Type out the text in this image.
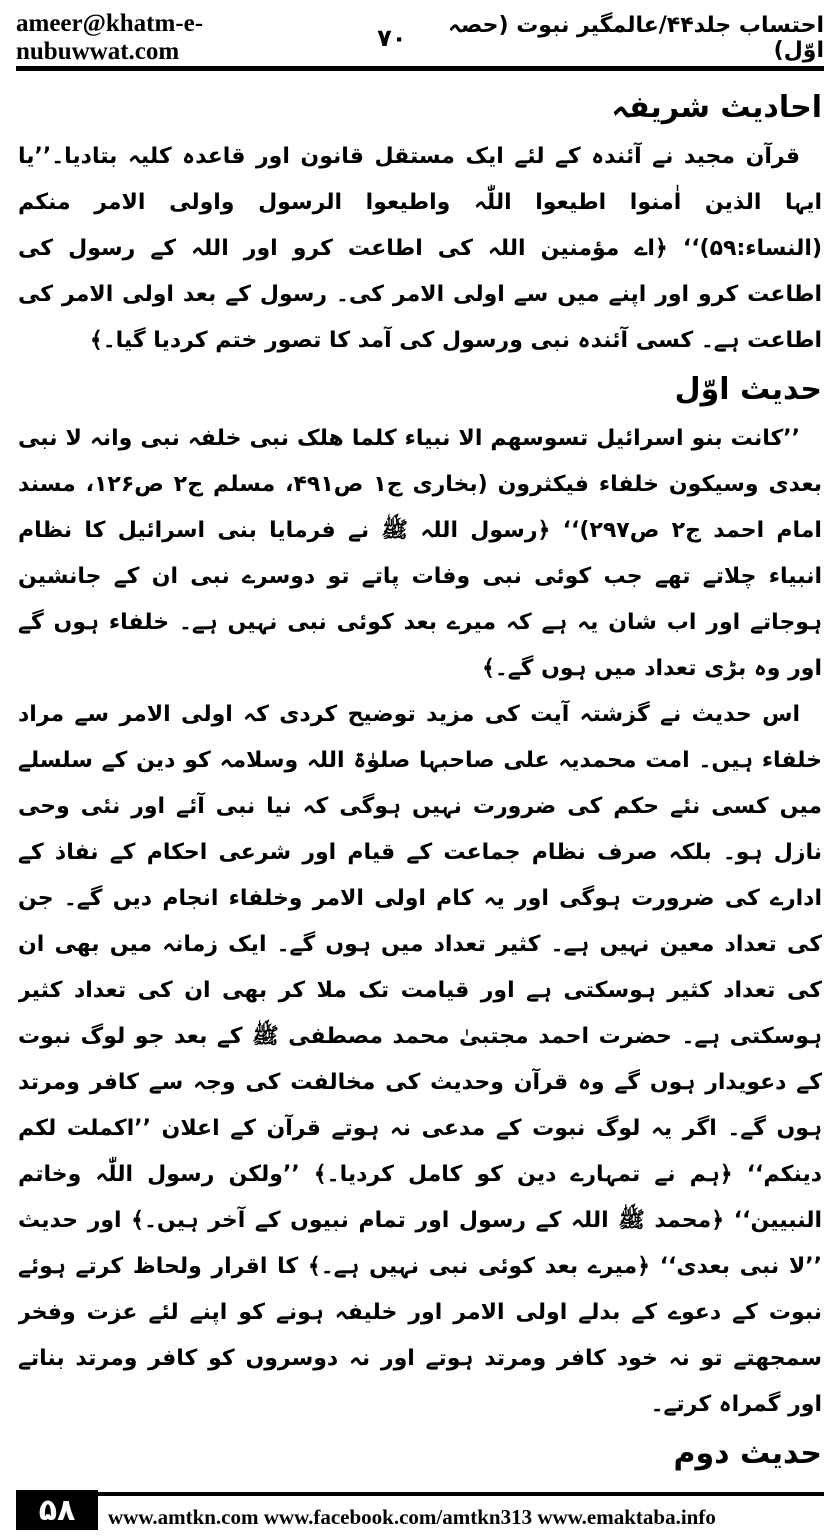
ameer@khatm-e-nubuwwat.com	۷۰	احتساب جلد۴۴/عالمگیر نبوت (حصہ اوّل)
احادیث شریفہ

قرآن مجید نے آئندہ کے لئے ایک مستقل قانون اور قاعدہ کلیہ بتادیا۔’’یا ایہا الذین اٰمنوا اطیعوا اللّٰہ واطیعوا الرسول واولی الامر منکم (النساء:۵۹)‘‘ ﴿اے مؤمنین اللہ کی اطاعت کرو اور اللہ کے رسول کی اطاعت کرو اور اپنے میں سے اولی الامر کی۔ رسول کے بعد اولی الامر کی اطاعت ہے۔ کسی آئندہ نبی ورسول کی آمد کا تصور ختم کردیا گیا۔﴾

حدیث اوّل

’’کانت بنو اسرائیل تسوسھم الا نبیاء کلما ھلک نبی خلفہ نبی وانہ لا نبی بعدی وسیکون خلفاء فیکثرون (بخاری ج۱ ص۴۹۱، مسلم ج۲ ص۱۲۶، مسند امام احمد ج۲ ص۲۹۷)‘‘ ﴿رسول اللہ ﷺ نے فرمایا بنی اسرائیل کا نظام انبیاء چلاتے تھے جب کوئی نبی وفات پاتے تو دوسرے نبی ان کے جانشین ہوجاتے اور اب شان یہ ہے کہ میرے بعد کوئی نبی نہیں ہے۔ خلفاء ہوں گے اور وہ بڑی تعداد میں ہوں گے۔﴾

اس حدیث نے گزشتہ آیت کی مزید توضیح کردی کہ اولی الامر سے مراد خلفاء ہیں۔ امت محمدیہ علی صاحبہا صلوٰۃ اللہ وسلامہ کو دین کے سلسلے میں کسی نئے حکم کی ضرورت نہیں ہوگی کہ نیا نبی آئے اور نئی وحی نازل ہو۔ بلکہ صرف نظام جماعت کے قیام اور شرعی احکام کے نفاذ کے ادارے کی ضرورت ہوگی اور یہ کام اولی الامر وخلفاء انجام دیں گے۔ جن کی تعداد معین نہیں ہے۔ کثیر تعداد میں ہوں گے۔ ایک زمانہ میں بھی ان کی تعداد کثیر ہوسکتی ہے اور قیامت تک ملا کر بھی ان کی تعداد کثیر ہوسکتی ہے۔ حضرت احمد مجتبیٰ محمد مصطفی ﷺ کے بعد جو لوگ نبوت کے دعویدار ہوں گے وہ قرآن وحدیث کی مخالفت کی وجہ سے کافر ومرتد ہوں گے۔ اگر یہ لوگ نبوت کے مدعی نہ ہوتے قرآن کے اعلان ’’اکملت لکم دینکم‘‘ ﴿ہم نے تمہارے دین کو کامل کردیا۔﴾ ’’ولکن رسول اللّٰہ وخاتم النبیین‘‘ ﴿محمد ﷺ اللہ کے رسول اور تمام نبیوں کے آخر ہیں۔﴾ اور حدیث ’’لا نبی بعدی‘‘ ﴿میرے بعد کوئی نبی نہیں ہے۔﴾ کا اقرار ولحاظ کرتے ہوئے نبوت کے دعوے کے بدلے اولی الامر اور خلیفہ ہونے کو اپنے لئے عزت وفخر سمجھتے تو نہ خود کافر ومرتد ہوتے اور نہ دوسروں کو کافر ومرتد بناتے اور گمراہ کرتے۔

حدیث دوم

۵۸	www.amtkn.com www.facebook.com/amtkn313 www.emaktaba.info
